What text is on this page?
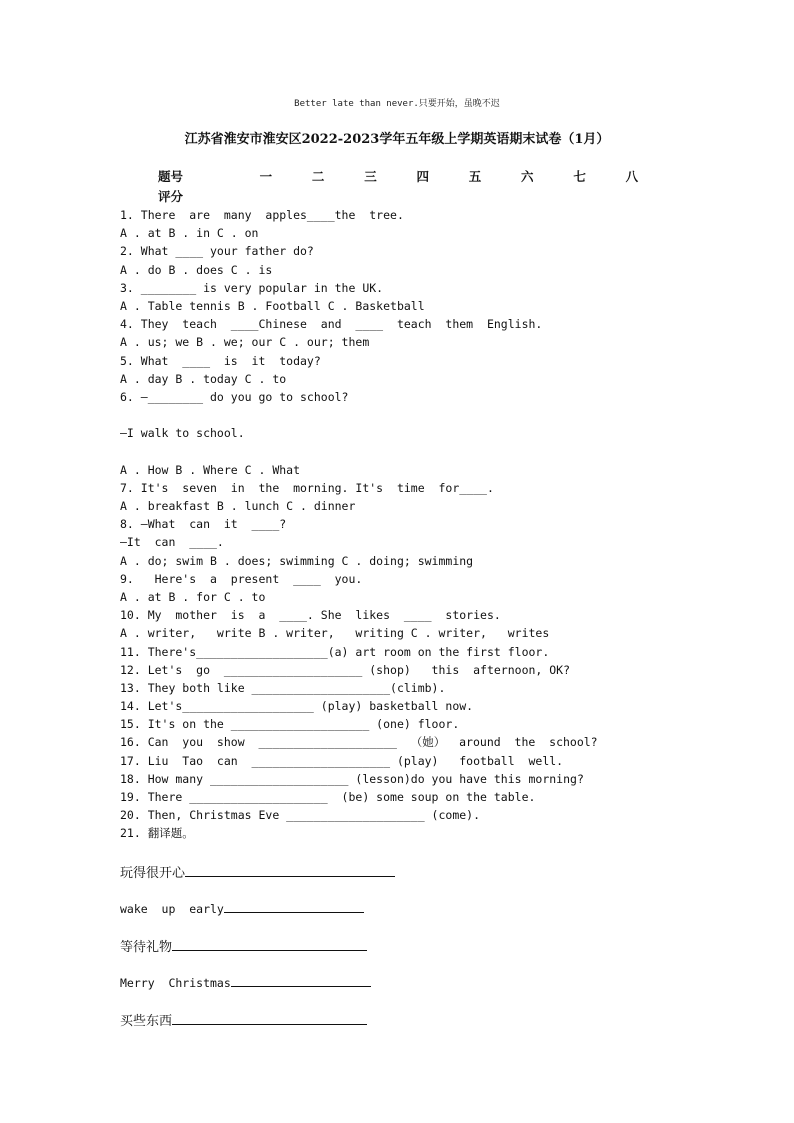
Better late than never.只要开始，虽晚不迟
江苏省淮安市淮安区2022-2023学年五年级上学期英语期末试卷（1月）
题号	一	二	三	四	五	六	七	八
评分
1. There  are  many  apples____the  tree.
A . at B . in C . on
2. What ____ your father do?
A . do B . does C . is
3. ________ is very popular in the UK.
A . Table tennis B . Football C . Basketball
4. They  teach  ____Chinese  and  ____  teach  them  English.
A . us; we B . we; our C . our; them
5. What  ____  is  it  today?
A . day B . today C . to
6. —________ do you go to school?
—I walk to school.
A . How B . Where C . What
7. It's  seven  in  the  morning. It's  time  for____.
A . breakfast B . lunch C . dinner
8. —What  can  it  ____?
—It  can  ____.
A . do; swim B . does; swimming C . doing; swimming
9.   Here's  a  present  ____  you.
A . at B . for C . to
10. My  mother  is  a  ____. She  likes  ____  stories.
A . writer,   write B . writer,   writing C . writer,   writes
11. There's___________________(a) art room on the first floor.
12. Let's  go  ____________________ (shop)   this  afternoon, OK?
13. They both like ____________________(climb).
14. Let's___________________ (play) basketball now.
15. It's on the ____________________ (one) floor.
16. Can  you  show  ____________________  （她）  around  the  school?
17. Liu  Tao  can  ____________________ (play)   football  well.
18. How many ____________________ (lesson)do you have this morning?
19. There ____________________  (be) some soup on the table.
20. Then, Christmas Eve ____________________ (come).
21. 翻译题。
玩得很开心
wake  up  early
等待礼物
Merry  Christmas
买些东西
